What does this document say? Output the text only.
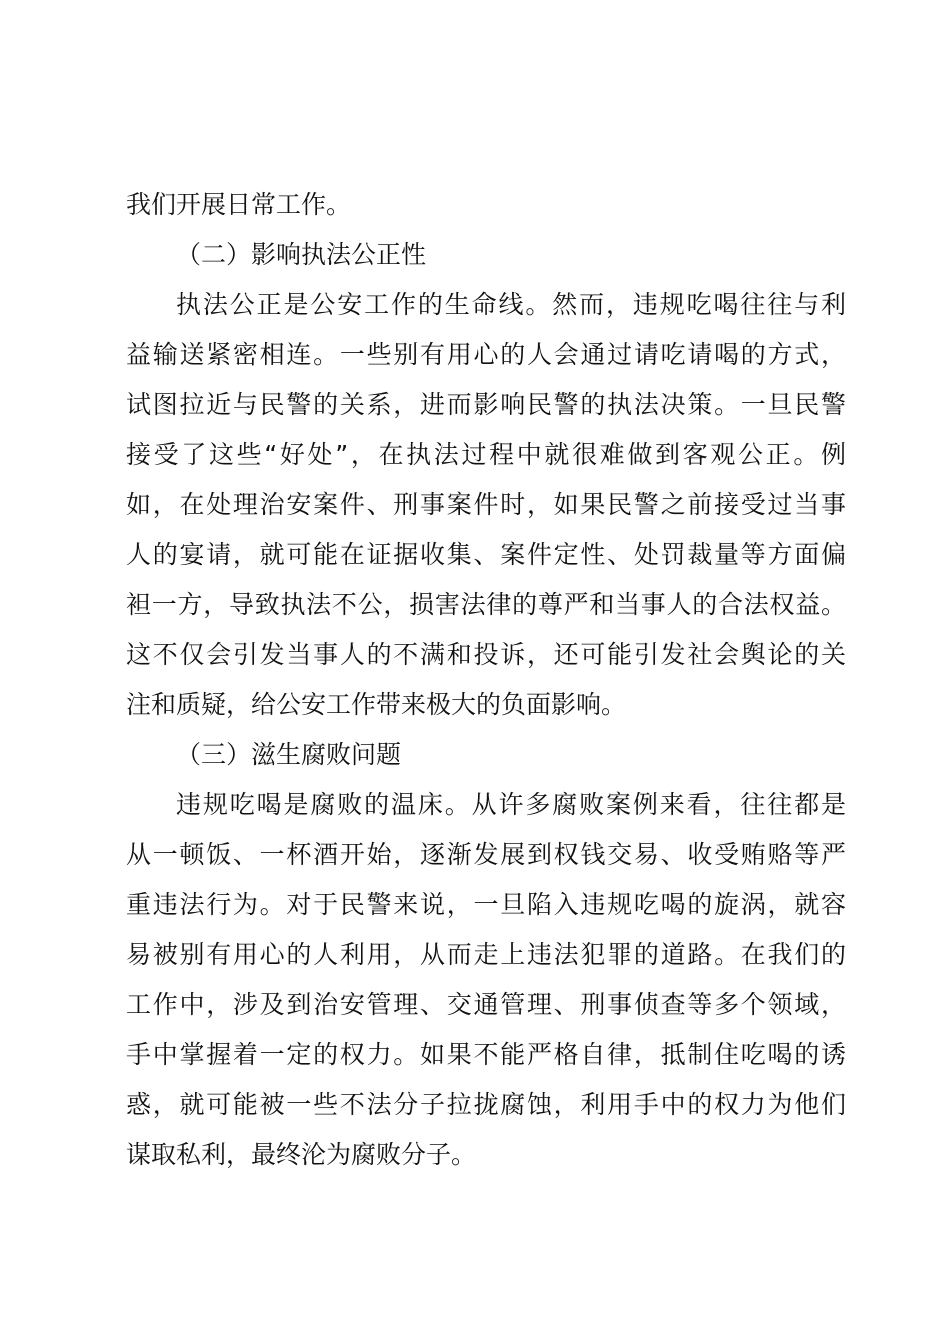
我们开展日常工作。
（二）影响执法公正性
执法公正是公安工作的生命线。然而，违规吃喝往往与利
益输送紧密相连。一些别有用心的人会通过请吃请喝的方式，
试图拉近与民警的关系，进而影响民警的执法决策。一旦民警
接受了这些“好处”，在执法过程中就很难做到客观公正。例
如，在处理治安案件、刑事案件时，如果民警之前接受过当事
人的宴请，就可能在证据收集、案件定性、处罚裁量等方面偏
袒一方，导致执法不公，损害法律的尊严和当事人的合法权益。
这不仅会引发当事人的不满和投诉，还可能引发社会舆论的关
注和质疑，给公安工作带来极大的负面影响。
（三）滋生腐败问题
违规吃喝是腐败的温床。从许多腐败案例来看，往往都是
从一顿饭、一杯酒开始，逐渐发展到权钱交易、收受贿赂等严
重违法行为。对于民警来说，一旦陷入违规吃喝的旋涡，就容
易被别有用心的人利用，从而走上违法犯罪的道路。在我们的
工作中，涉及到治安管理、交通管理、刑事侦查等多个领域，
手中掌握着一定的权力。如果不能严格自律，抵制住吃喝的诱
惑，就可能被一些不法分子拉拢腐蚀，利用手中的权力为他们
谋取私利，最终沦为腐败分子。
